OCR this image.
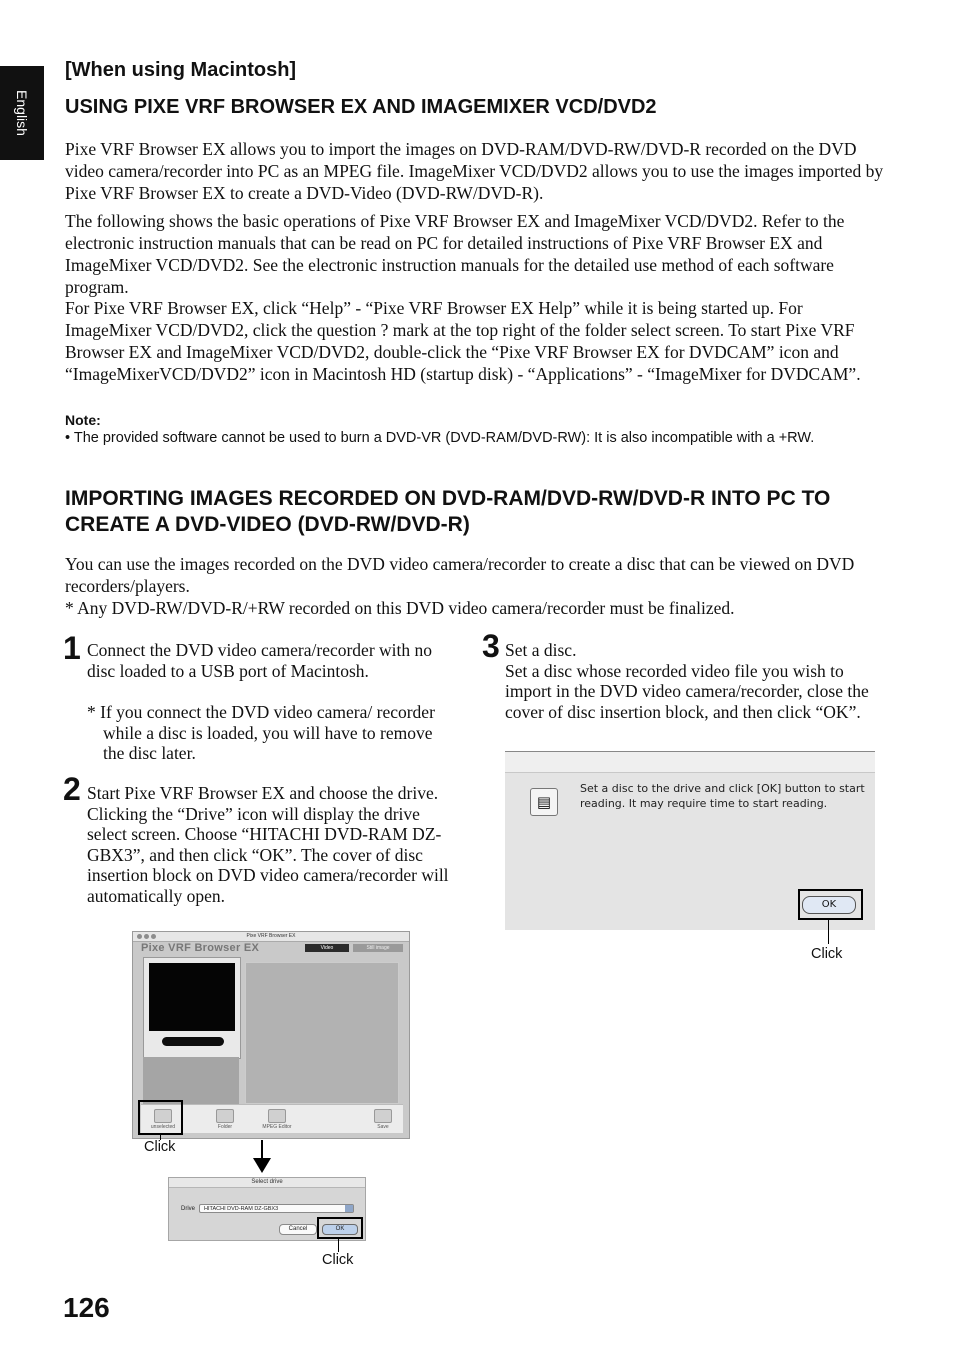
English
[When using Macintosh]
USING PIXE VRF BROWSER EX AND IMAGEMIXER VCD/DVD2

Pixe VRF Browser EX allows you to import the images on DVD-RAM/DVD-RW/DVD-R recorded on the DVD video camera/recorder into PC as an MPEG file. ImageMixer VCD/DVD2 allows you to use the images imported by Pixe VRF Browser EX to create a DVD-Video (DVD-RW/DVD-R).

The following shows the basic operations of Pixe VRF Browser EX and ImageMixer VCD/DVD2. Refer to the electronic instruction manuals that can be read on PC for detailed instructions of Pixe VRF Browser EX and ImageMixer VCD/DVD2. See the electronic instruction manuals for the detailed use method of each software program.

For Pixe VRF Browser EX, click “Help” - “Pixe VRF Browser EX Help” while it is being started up. For ImageMixer VCD/DVD2, click the question ? mark at the top right of the folder select screen. To start Pixe VRF Browser EX and ImageMixer VCD/DVD2, double-click the “Pixe VRF Browser EX for DVDCAM” icon and “ImageMixerVCD/DVD2” icon in Macintosh HD (startup disk) - “Applications” - “ImageMixer for DVDCAM”.

Note:

• The provided software cannot be used to burn a DVD-VR (DVD-RAM/DVD-RW): It is also incompatible with a +RW.

IMPORTING IMAGES RECORDED ON DVD-RAM/DVD-RW/DVD-R INTO PC TO CREATE A DVD-VIDEO (DVD-RW/DVD-R)

You can use the images recorded on the DVD video camera/recorder to create a disc that can be viewed on DVD recorders/players.
* Any DVD-RW/DVD-R/+RW recorded on this DVD video camera/recorder must be finalized.

1 Connect the DVD video camera/recorder with no disc loaded to a USB port of Macintosh.

* If you connect the DVD video camera/ recorder while a disc is loaded, you will have to remove the disc later.

2 Start Pixe VRF Browser EX and choose the drive.
Clicking the “Drive” icon will display the drive select screen. Choose “HITACHI DVD-RAM DZ-GBX3”, and then click “OK”. The cover of disc insertion block on DVD video camera/recorder will automatically open.

3 Set a disc.
Set a disc whose recorded video file you wish to import in the DVD video camera/recorder, close the cover of disc insertion block, and then click “OK”.

Pixe VRF Browser EX
Pixe VRF Browser EX	Video	Still image
unselected	Folder	MPEG Editor	Save
Click
Select drive
Drive	HITACHI DVD-RAM DZ-GBX3
Cancel	OK
Click
▤

Set a disc to the drive and click [OK] button to start reading. It may require time to start reading.

OK
Click
126
